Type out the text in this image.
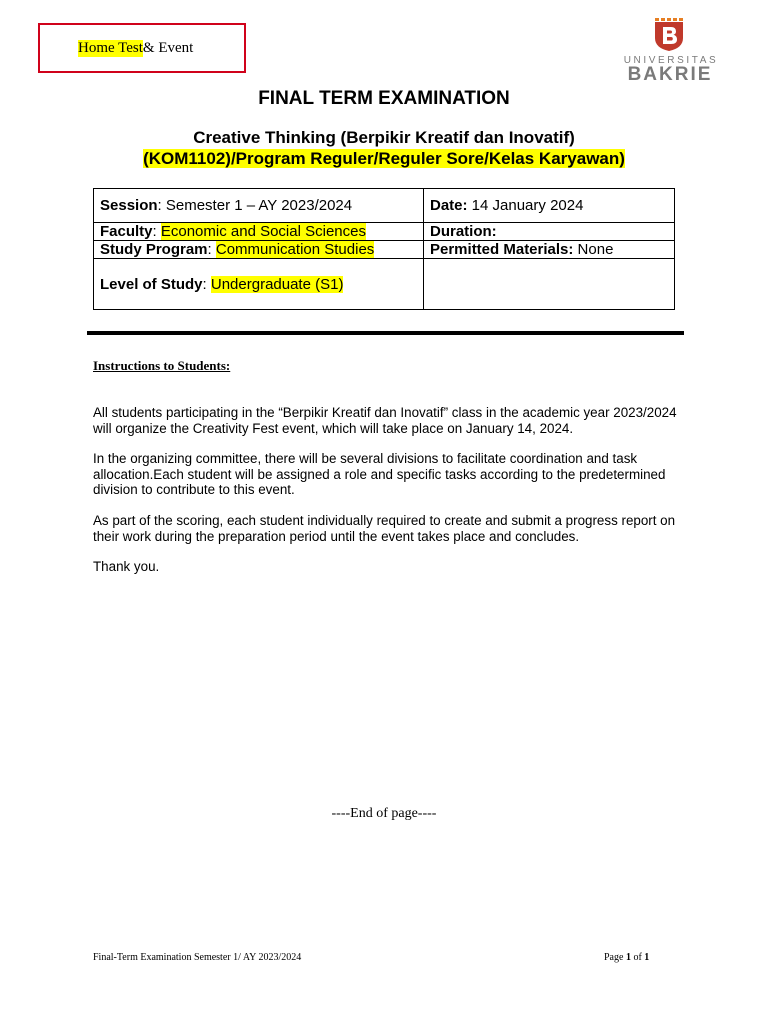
Home Test & Event
UNIVERSITAS
BAKRIE
FINAL TERM EXAMINATION
Creative Thinking (Berpikir Kreatif dan Inovatif)
(KOM1102)/Program Reguler/Reguler Sore/Kelas Karyawan)
Session: Semester 1 – AY 2023/2024	Date: 14 January 2024
Faculty: Economic and Social Sciences	Duration:
Study Program: Communication Studies	Permitted Materials: None
Level of Study: Undergraduate (S1)	
Instructions to Students:
All students participating in the “Berpikir Kreatif dan Inovatif” class in the academic year 2023/2024 will organize the Creativity Fest event, which will take place on January 14, 2024.
In the organizing committee, there will be several divisions to facilitate coordination and task allocation.Each student will be assigned a role and specific tasks according to the predetermined division to contribute to this event.
As part of the scoring, each student individually required to create and submit a progress report on their work during the preparation period until the event takes place and concludes.
Thank you.
----End of page----
Final-Term Examination Semester 1/ AY 2023/2024	Page 1 of 1
